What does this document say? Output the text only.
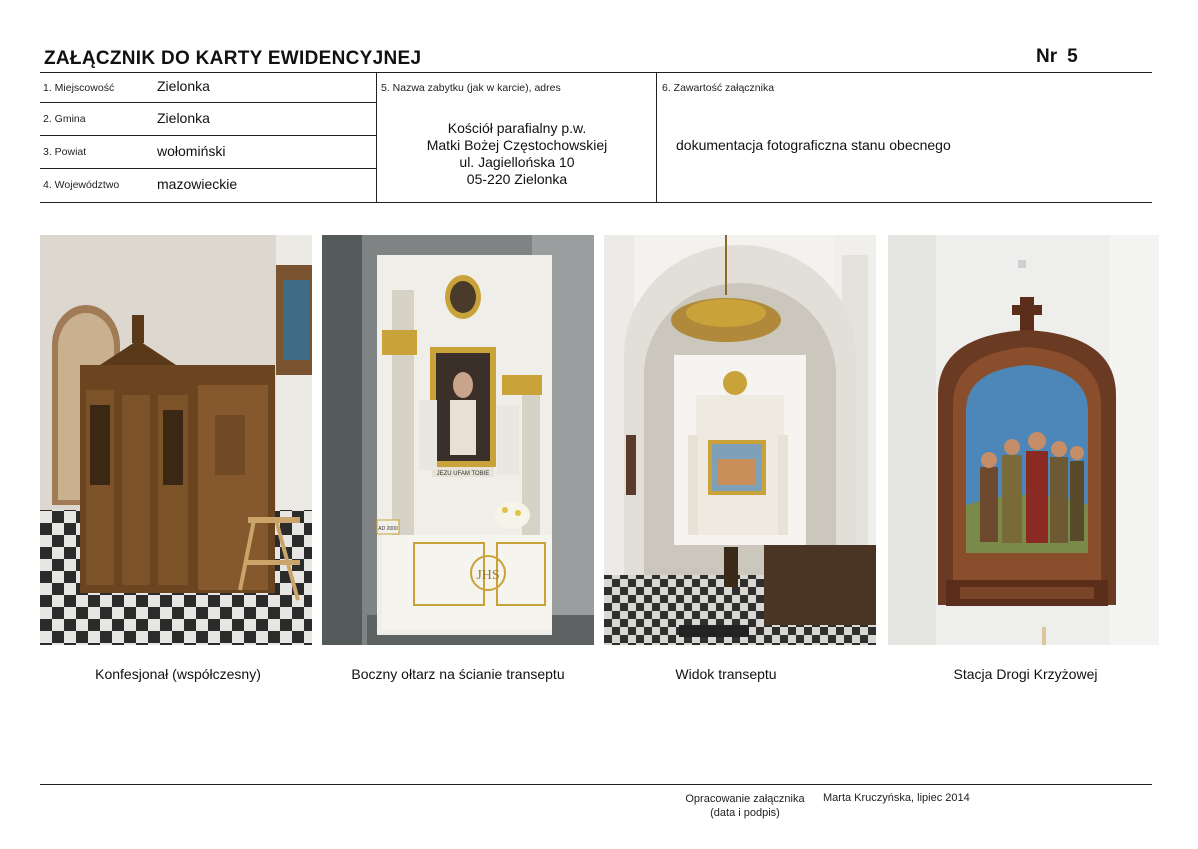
ZAŁĄCZNIK DO KARTY EWIDENCYJNEJ	Nr 5
1. Miejscowość	Zielonka
2. Gmina	Zielonka
3. Powiat	wołomiński
4. Województwo	mazowieckie
5. Nazwa zabytku (jak w karcie), adres
Kościół parafialny p.w.
Matki Bożej Częstochowskiej
ul. Jagiellońska 10
05-220 Zielonka
6. Zawartość załącznika
dokumentacja fotograficzna stanu obecnego
JEZU UFAM TOBIE
AD 2000
JHS
Konfesjonał (współczesny)	Boczny ołtarz na ścianie transeptu	Widok transeptu	Stacja Drogi Krzyżowej
Opracowanie załącznika
(data i podpis)
Marta Kruczyńska, lipiec 2014
